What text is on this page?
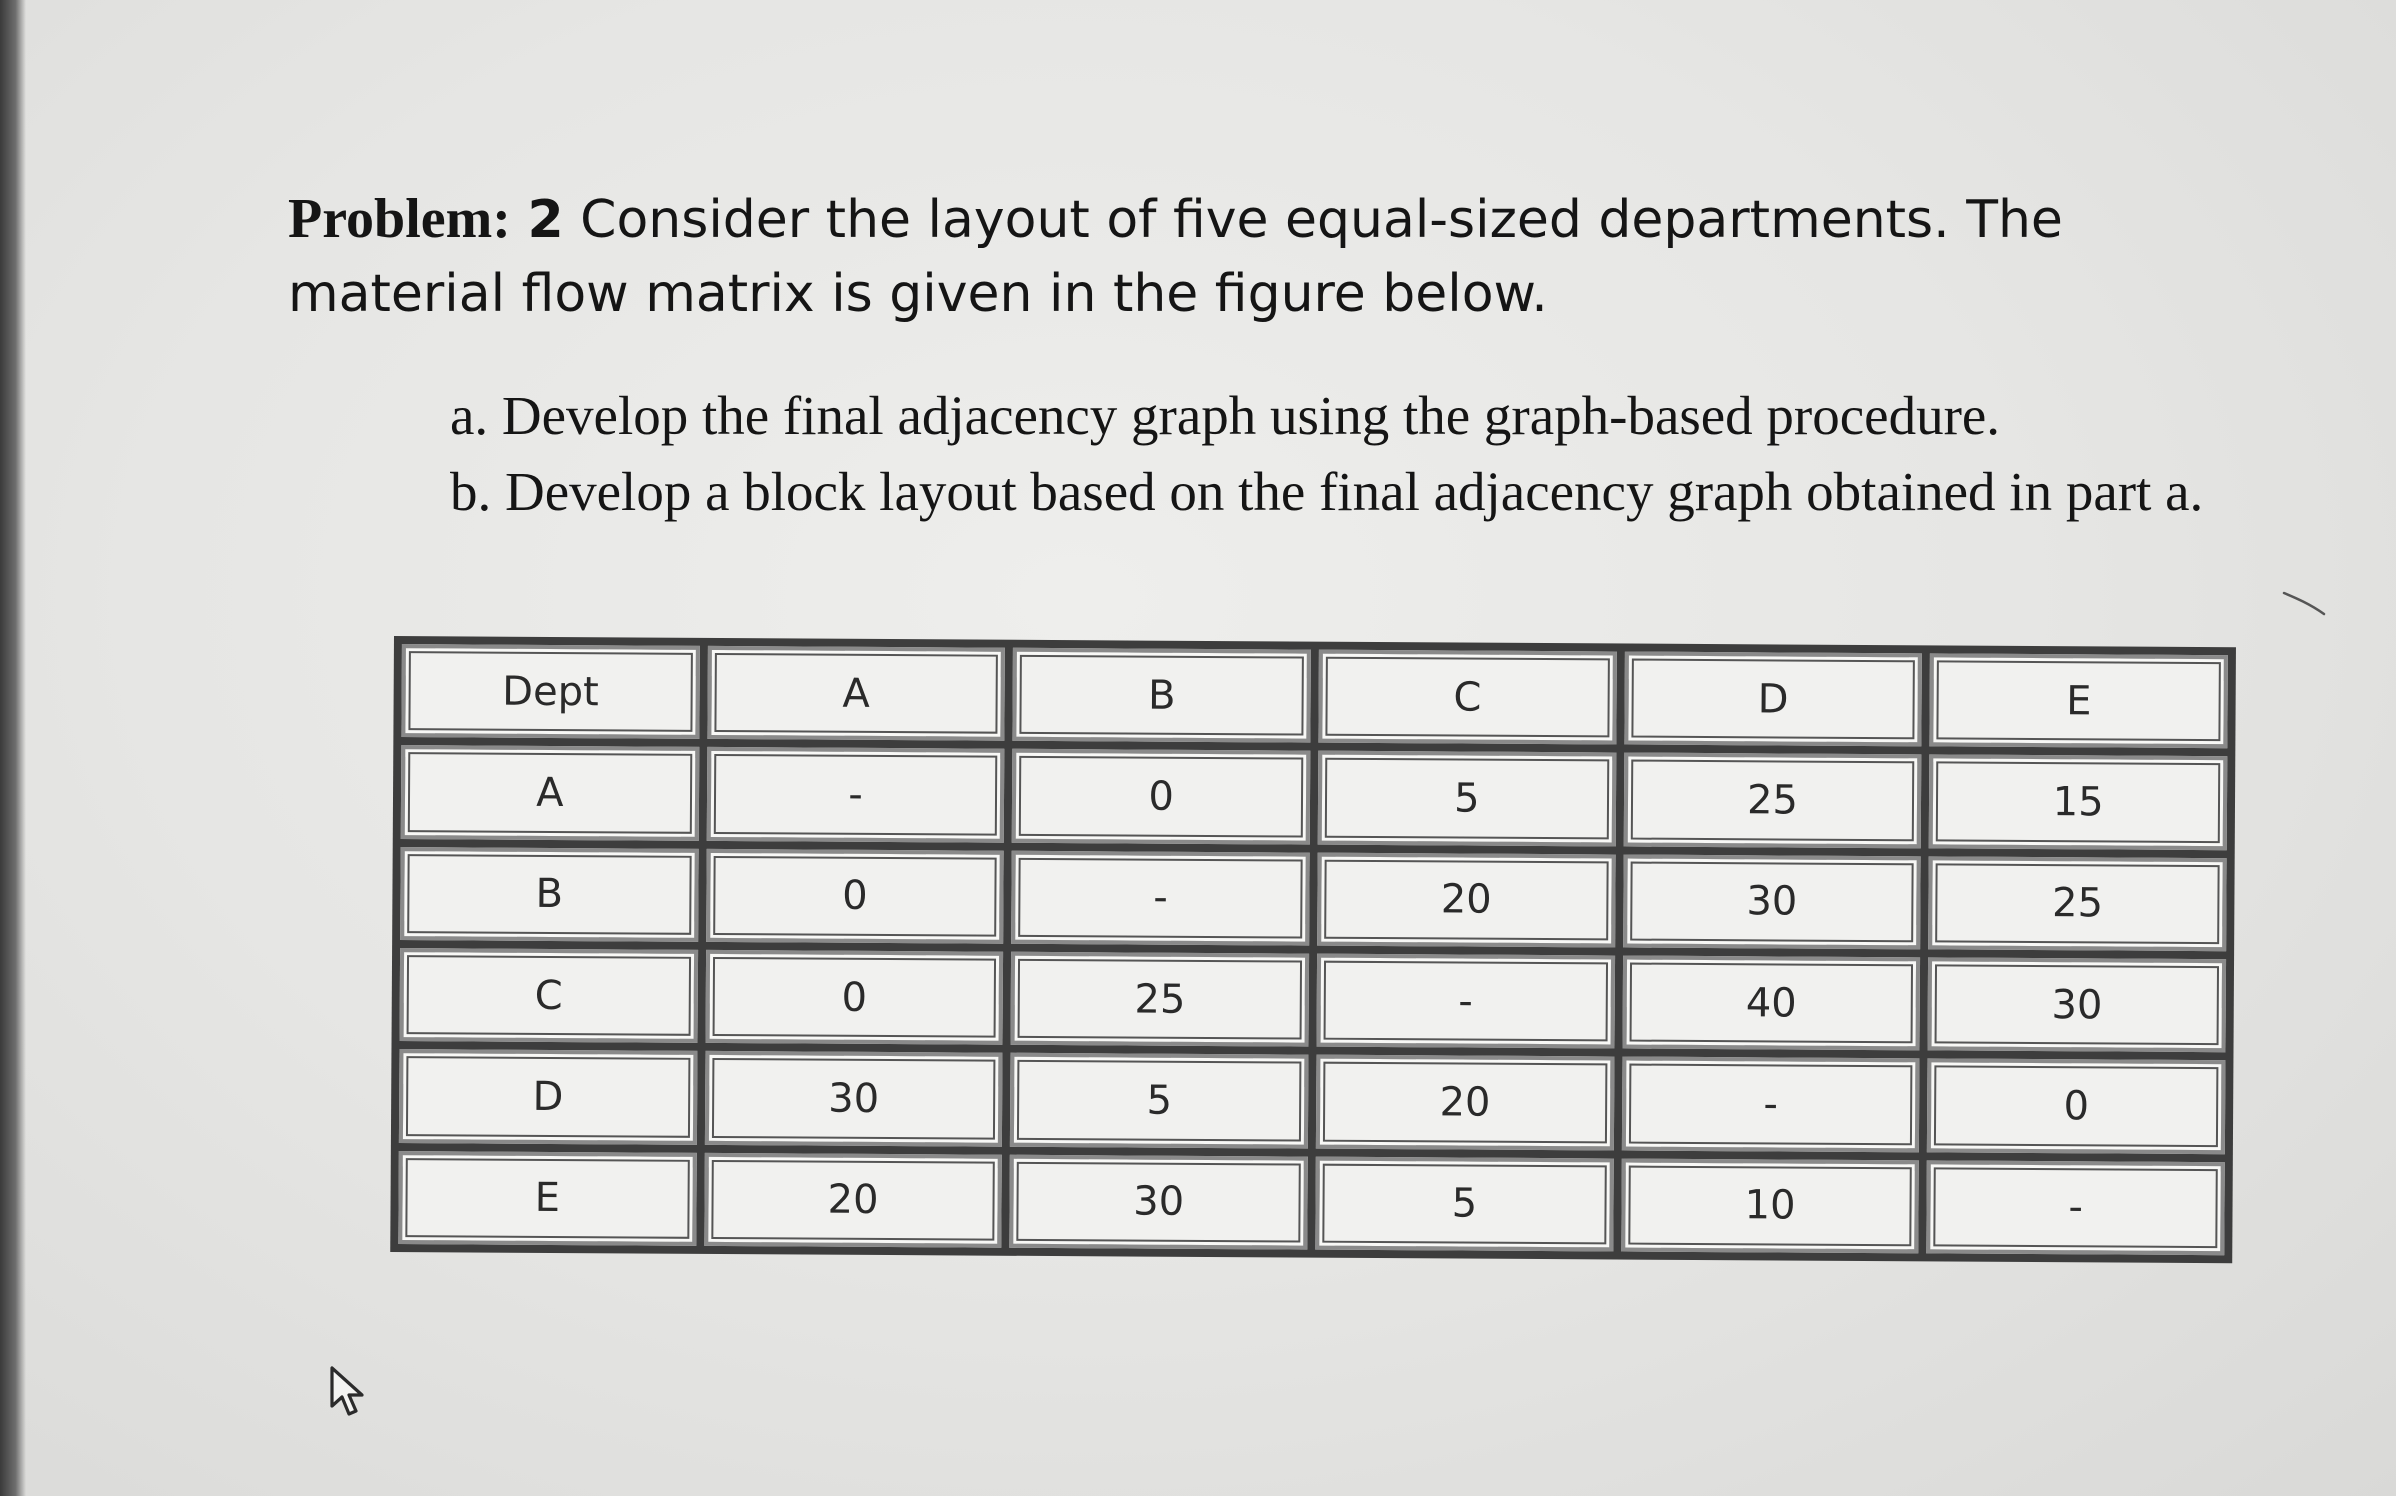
Problem: 2 Consider the layout of five equal-sized departments. The material flow matrix is given in the figure below.

a. Develop the final adjacency graph using the graph-based procedure.

b. Develop a block layout based on the final adjacency graph obtained in part a.

Dept	A	B	C	D	E
A	-	0	5	25	15
B	0	-	20	30	25
C	0	25	-	40	30
D	30	5	20	-	0
E	20	30	5	10	-
